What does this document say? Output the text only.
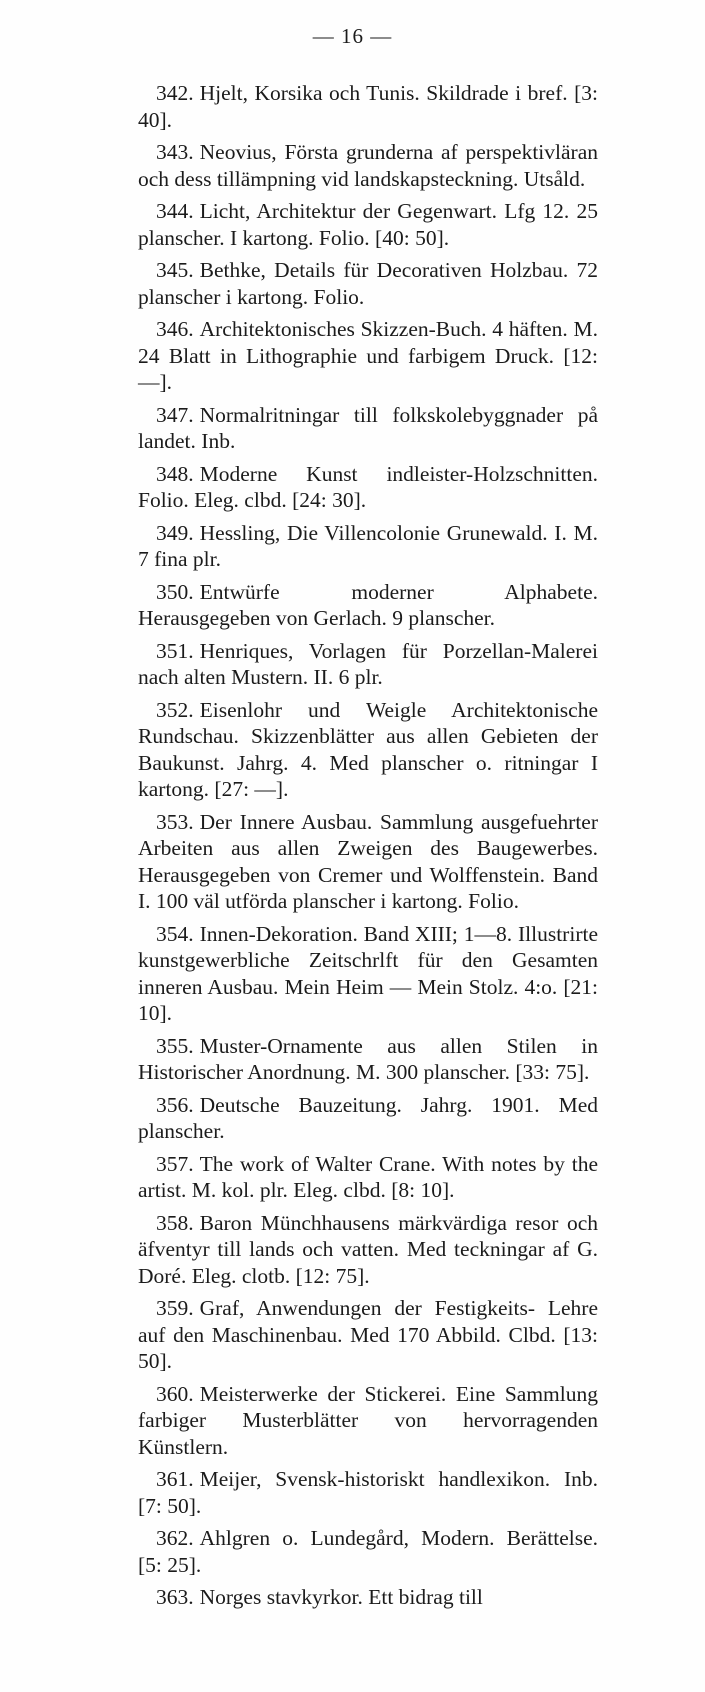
— 16 —

342. Hjelt, Korsika och Tunis. Skildrade i bref. [3: 40].

343. Neovius, Första grunderna af perspektivläran och dess tillämpning vid landskapsteckning. Utsåld.

344. Licht, Architektur der Gegenwart. Lfg 12. 25 planscher. I kartong. Folio. [40: 50].

345. Bethke, Details für Decorativen Holzbau. 72 planscher i kartong. Folio.

346. Architektonisches Skizzen-Buch. 4 häften. M. 24 Blatt in Lithographie und farbigem Druck. [12: —].

347. Normalritningar till folkskolebyggnader på landet. Inb.

348. Moderne Kunst indleister-Holzschnitten. Folio. Eleg. clbd. [24: 30].

349. Hessling, Die Villencolonie Grunewald. I. M. 7 fina plr.

350. Entwürfe moderner Alphabete. Herausgegeben von Gerlach. 9 planscher.

351. Henriques, Vorlagen für Porzellan-Malerei nach alten Mustern. II. 6 plr.

352. Eisenlohr und Weigle Architektonische Rundschau. Skizzenblätter aus allen Gebieten der Baukunst. Jahrg. 4. Med planscher o. ritningar I kartong. [27: —].

353. Der Innere Ausbau. Sammlung ausgefuehrter Arbeiten aus allen Zweigen des Baugewerbes. Herausgegeben von Cremer und Wolffenstein. Band I. 100 väl utförda planscher i kartong. Folio.

354. Innen-Dekoration. Band XIII; 1—8. Illustrirte kunstgewerbliche Zeitschrlft für den Gesamten inneren Ausbau. Mein Heim — Mein Stolz. 4:o. [21: 10].

355. Muster-Ornamente aus allen Stilen in Historischer Anordnung. M. 300 planscher. [33: 75].

356. Deutsche Bauzeitung. Jahrg. 1901. Med planscher.

357. The work of Walter Crane. With notes by the artist. M. kol. plr. Eleg. clbd. [8: 10].

358. Baron Münchhausens märkvärdiga resor och äfventyr till lands och vatten. Med teckningar af G. Doré. Eleg. clotb. [12: 75].

359. Graf, Anwendungen der Festigkeits- Lehre auf den Maschinenbau. Med 170 Abbild. Clbd. [13: 50].

360. Meisterwerke der Stickerei. Eine Sammlung farbiger Musterblätter von hervorragenden Künstlern.

361. Meijer, Svensk-historiskt handlexikon. Inb. [7: 50].

362. Ahlgren o. Lundegård, Modern. Berättelse. [5: 25].

363. Norges stavkyrkor. Ett bidrag till
